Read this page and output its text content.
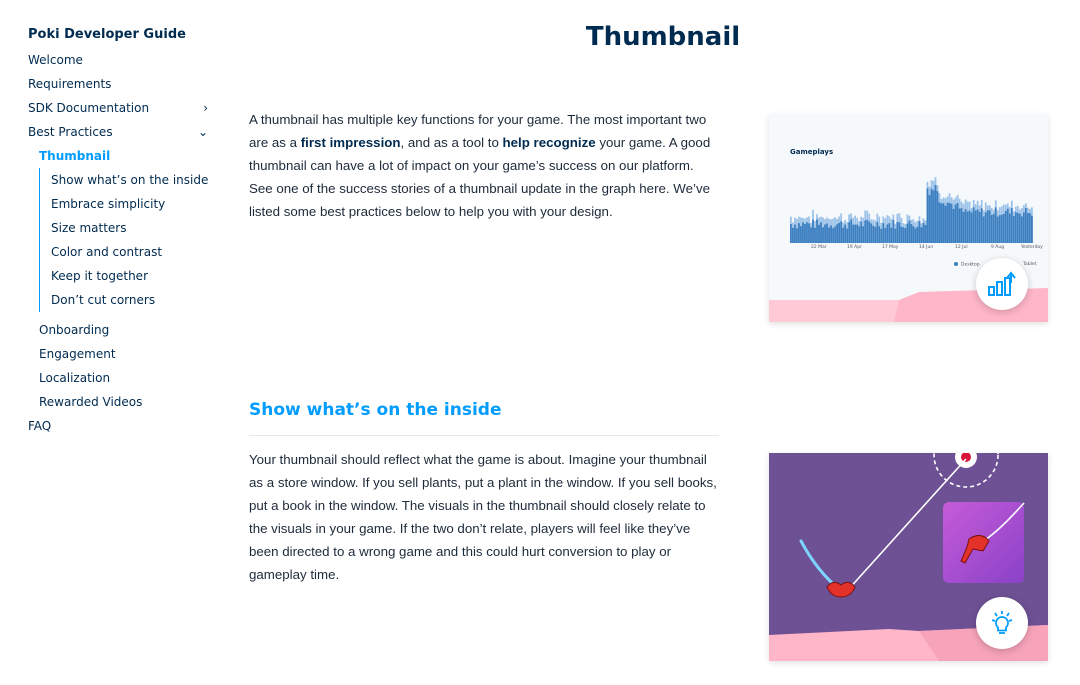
Poki Developer Guide
Welcome
Requirements
SDK Documentation	›
Best Practices	⌄
Thumbnail
Show what’s on the inside
Embrace simplicity
Size matters
Color and contrast
Keep it together
Don’t cut corners
Onboarding
Engagement
Localization
Rewarded Videos
FAQ
Thumbnail

A thumbnail has multiple key functions for your game. The most important two are as a first impression, and as a tool to help recognize your game. A good thumbnail can have a lot of impact on your game’s success on our platform. See one of the success stories of a thumbnail update in the graph here. We’ve listed some best practices below to help you with your design.

Gameplays
22 Mar	19 Apr	17 May	14 Jun	12 Jul	9 Aug	Yesterday
Desktop	Tablet
Show what’s on the inside

Your thumbnail should reflect what the game is about. Imagine your thumbnail as a store window. If you sell plants, put a plant in the window. If you sell books, put a book in the window. The visuals in the thumbnail should closely relate to the visuals in your game. If the two don’t relate, players will feel like they’ve been directed to a wrong game and this could hurt conversion to play or gameplay time.
